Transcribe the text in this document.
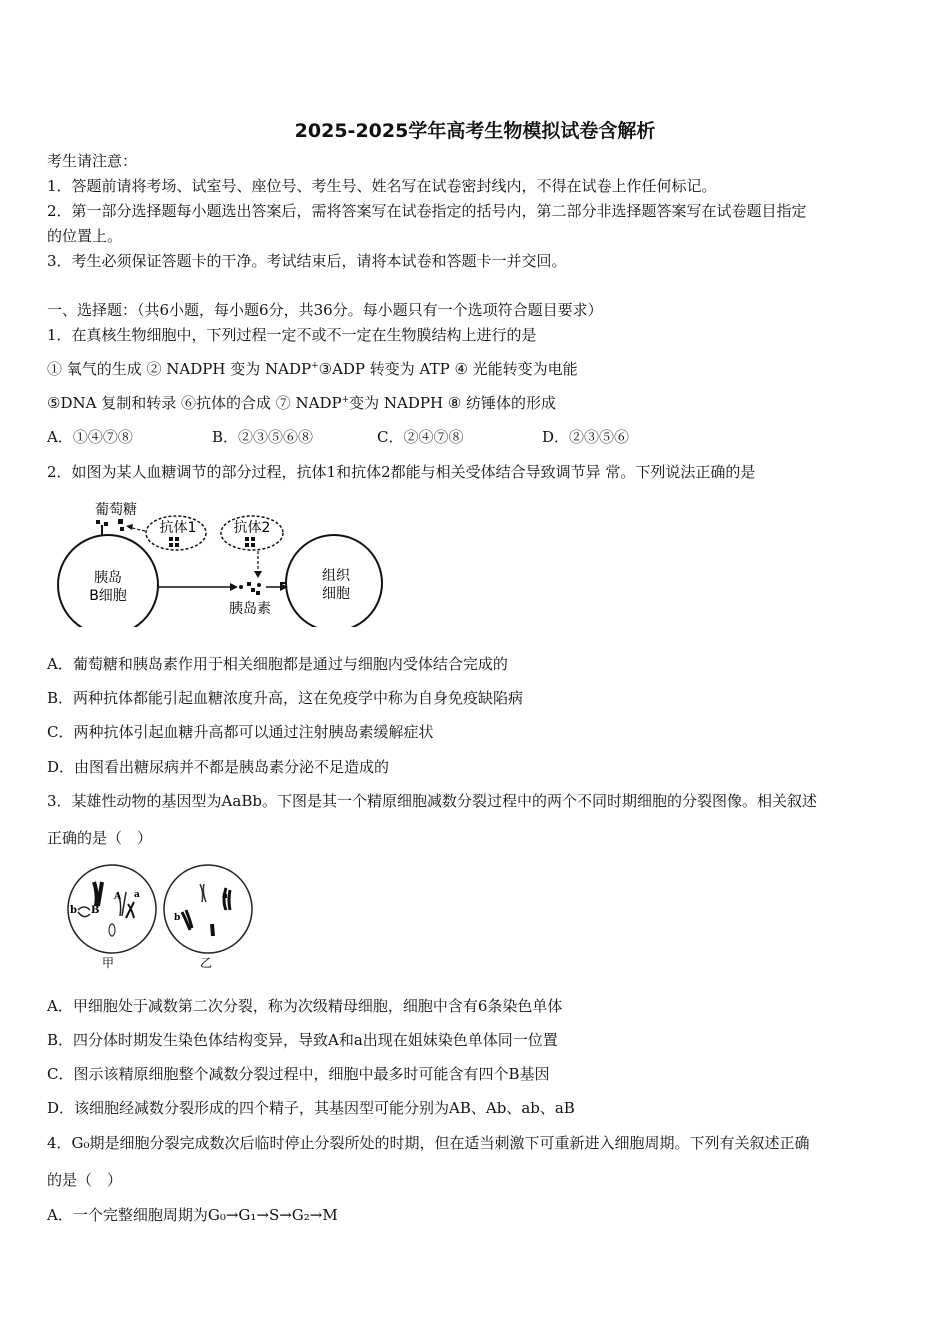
2025-2025学年高考生物模拟试卷含解析
考生请注意：
1．答题前请将考场、试室号、座位号、考生号、姓名写在试卷密封线内，不得在试卷上作任何标记。
2．第一部分选择题每小题选出答案后，需将答案写在试卷指定的括号内，第二部分非选择题答案写在试卷题目指定
的位置上。
3．考生必须保证答题卡的干净。考试结束后，请将本试卷和答题卡一并交回。
一、选择题：（共6小题，每小题6分，共36分。每小题只有一个选项符合题目要求）
1．在真核生物细胞中，下列过程一定不或不一定在生物膜结构上进行的是
① 氧气的生成 ② NADPH 变为 NADP+③ADP 转变为 ATP ④ 光能转变为电能
⑤DNA 复制和转录 ⑥抗体的合成 ⑦ NADP+变为 NADPH ⑧ 纺锤体的形成
A．①④⑦⑧	B．②③⑤⑥⑧	C．②④⑦⑧	D．②③⑤⑥
2．如图为某人血糖调节的部分过程，抗体1和抗体2都能与相关受体结合导致调节异 常。下列说法正确的是
胰岛
B细胞
葡萄糖
抗体1	抗体2
胰岛素
组织
细胞
A．葡萄糖和胰岛素作用于相关细胞都是通过与细胞内受体结合完成的
B．两种抗体都能引起血糖浓度升高，这在免疫学中称为自身免疫缺陷病
C．两种抗体引起血糖升高都可以通过注射胰岛素缓解症状
D．由图看出糖尿病并不都是胰岛素分泌不足造成的
3．某雄性动物的基因型为AaBb。下图是其一个精原细胞减数分裂过程中的两个不同时期细胞的分裂图像。相关叙述
正确的是（　）
b B
A a
b
a
甲	乙
A．甲细胞处于减数第二次分裂，称为次级精母细胞，细胞中含有6条染色单体
B．四分体时期发生染色体结构变异，导致A和a出现在姐妹染色单体同一位置
C．图示该精原细胞整个减数分裂过程中，细胞中最多时可能含有四个B基因
D．该细胞经减数分裂形成的四个精子，其基因型可能分别为AB、Ab、ab、aB
4．G₀期是细胞分裂完成数次后临时停止分裂所处的时期，但在适当刺激下可重新进入细胞周期。下列有关叙述正确
的是（　）
A．一个完整细胞周期为G₀→G₁→S→G₂→M
